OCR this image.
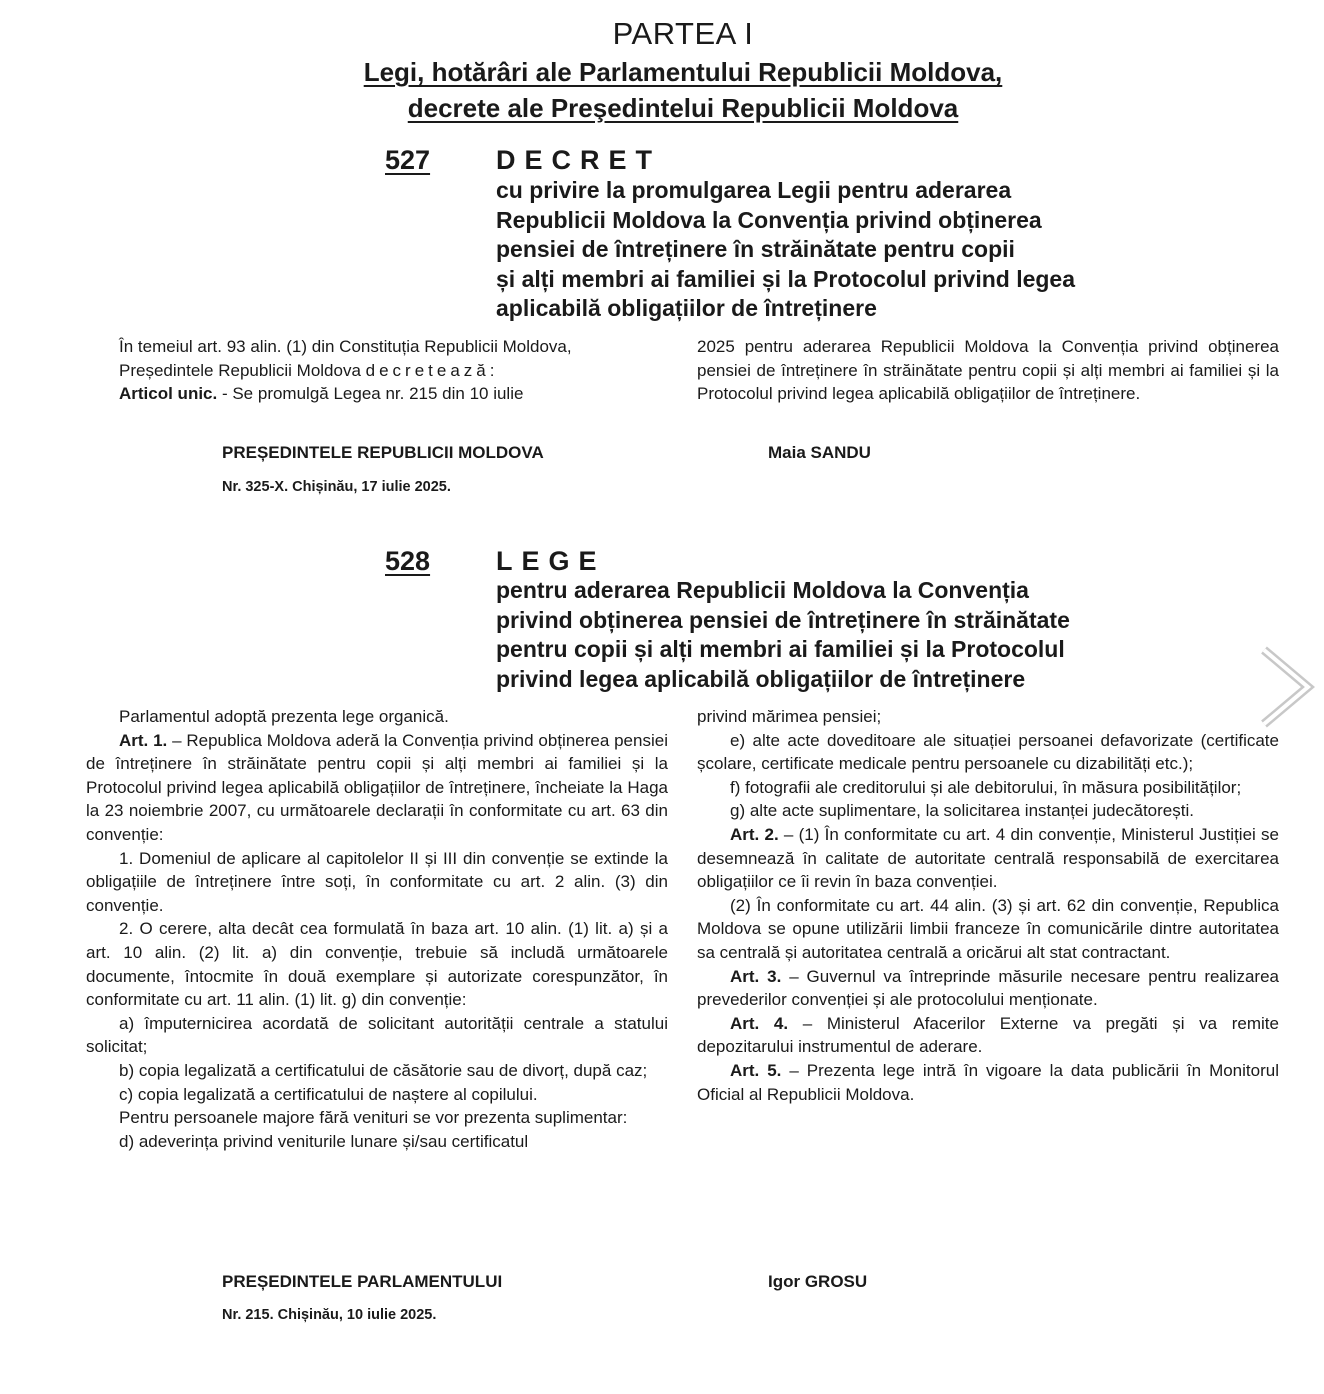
PARTEA I
Legi, hotărâri ale Parlamentului Republicii Moldova,
decrete ale Preşedintelui Republicii Moldova
527 DECRET
cu privire la promulgarea Legii pentru aderarea
Republicii Moldova la Convenția privind obținerea
pensiei de întreținere în străinătate pentru copii
și alți membri ai familiei și la Protocolul privind legea
aplicabilă obligațiilor de întreținere

În temeiul art. 93 alin. (1) din Constituția Republicii Moldova,

Președintele Republicii Moldova decretează:

Articol unic. - Se promulgă Legea nr. 215 din 10 iulie

2025 pentru aderarea Republicii Moldova la Convenția privind obținerea pensiei de întreținere în străinătate pentru copii și alți membri ai familiei și la Protocolul privind legea aplicabilă obligațiilor de întreținere.

PREȘEDINTELE REPUBLICII MOLDOVA	Maia SANDU
Nr. 325-X. Chișinău, 17 iulie 2025.
528 LEGE
pentru aderarea Republicii Moldova la Convenția
privind obținerea pensiei de întreținere în străinătate
pentru copii și alți membri ai familiei și la Protocolul
privind legea aplicabilă obligațiilor de întreținere

Parlamentul adoptă prezenta lege organică.

Art. 1. – Republica Moldova aderă la Convenția privind obținerea pensiei de întreținere în străinătate pentru copii și alți membri ai familiei și la Protocolul privind legea aplicabilă obligațiilor de întreținere, încheiate la Haga la 23 noiembrie 2007, cu următoarele declarații în conformitate cu art. 63 din convenție:

1. Domeniul de aplicare al capitolelor II și III din convenție se extinde la obligațiile de întreținere între soți, în conformitate cu art. 2 alin. (3) din convenție.

2. O cerere, alta decât cea formulată în baza art. 10 alin. (1) lit. a) și a art. 10 alin. (2) lit. a) din convenție, trebuie să includă următoarele documente, întocmite în două exemplare și autorizate corespunzător, în conformitate cu art. 11 alin. (1) lit. g) din convenție:

a) împuternicirea acordată de solicitant autorității centrale a statului solicitat;

b) copia legalizată a certificatului de căsătorie sau de divorț, după caz;

c) copia legalizată a certificatului de naștere al copilului.

Pentru persoanele majore fără venituri se vor prezenta suplimentar:

d) adeverința privind veniturile lunare și/sau certificatul

privind mărimea pensiei;

e) alte acte doveditoare ale situației persoanei defavorizate (certificate școlare, certificate medicale pentru persoanele cu dizabilități etc.);

f) fotografii ale creditorului și ale debitorului, în măsura posibilităților;

g) alte acte suplimentare, la solicitarea instanței judecătorești.

Art. 2. – (1) În conformitate cu art. 4 din convenție, Ministerul Justiției se desemnează în calitate de autoritate centrală responsabilă de exercitarea obligațiilor ce îi revin în baza convenției.

(2) În conformitate cu art. 44 alin. (3) și art. 62 din convenție, Republica Moldova se opune utilizării limbii franceze în comunicările dintre autoritatea sa centrală și autoritatea centrală a oricărui alt stat contractant.

Art. 3. – Guvernul va întreprinde măsurile necesare pentru realizarea prevederilor convenției și ale protocolului menționate.

Art. 4. – Ministerul Afacerilor Externe va pregăti și va remite depozitarului instrumentul de aderare.

Art. 5. – Prezenta lege intră în vigoare la data publicării în Monitorul Oficial al Republicii Moldova.

PREȘEDINTELE PARLAMENTULUI	Igor GROSU
Nr. 215. Chișinău, 10 iulie 2025.
